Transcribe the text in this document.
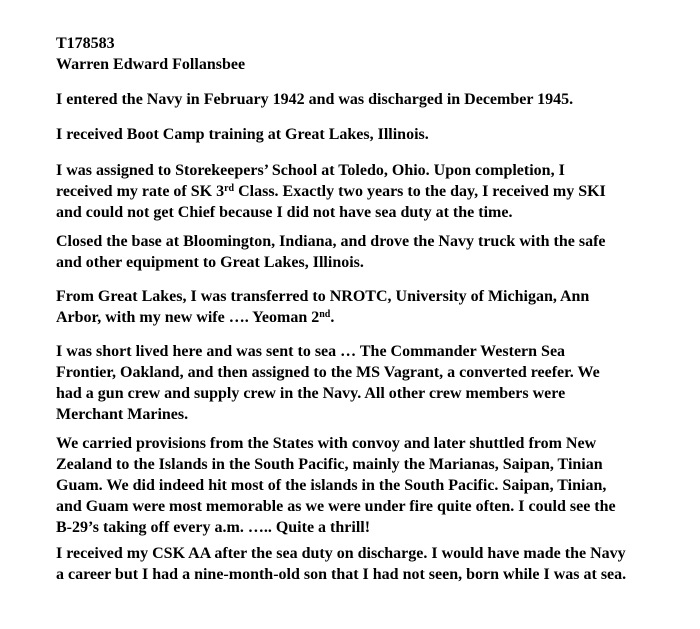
T178583
Warren Edward Follansbee

I entered the Navy in February 1942 and was discharged in December 1945.

I received Boot Camp training at Great Lakes, Illinois.

I was assigned to Storekeepers’ School at Toledo, Ohio. Upon completion, I
received my rate of SK 3rd Class. Exactly two years to the day, I received my SKI
and could not get Chief because I did not have sea duty at the time.

Closed the base at Bloomington, Indiana, and drove the Navy truck with the safe
and other equipment to Great Lakes, Illinois.

From Great Lakes, I was transferred to NROTC, University of Michigan, Ann
Arbor, with my new wife …. Yeoman 2nd.

I was short lived here and was sent to sea … The Commander Western Sea
Frontier, Oakland, and then assigned to the MS Vagrant, a converted reefer. We
had a gun crew and supply crew in the Navy. All other crew members were
Merchant Marines.

We carried provisions from the States with convoy and later shuttled from New
Zealand to the Islands in the South Pacific, mainly the Marianas, Saipan, Tinian
Guam. We did indeed hit most of the islands in the South Pacific. Saipan, Tinian,
and Guam were most memorable as we were under fire quite often. I could see the
B-29’s taking off every a.m. ….. Quite a thrill!

I received my CSK AA after the sea duty on discharge. I would have made the Navy
a career but I had a nine-month-old son that I had not seen, born while I was at sea.
